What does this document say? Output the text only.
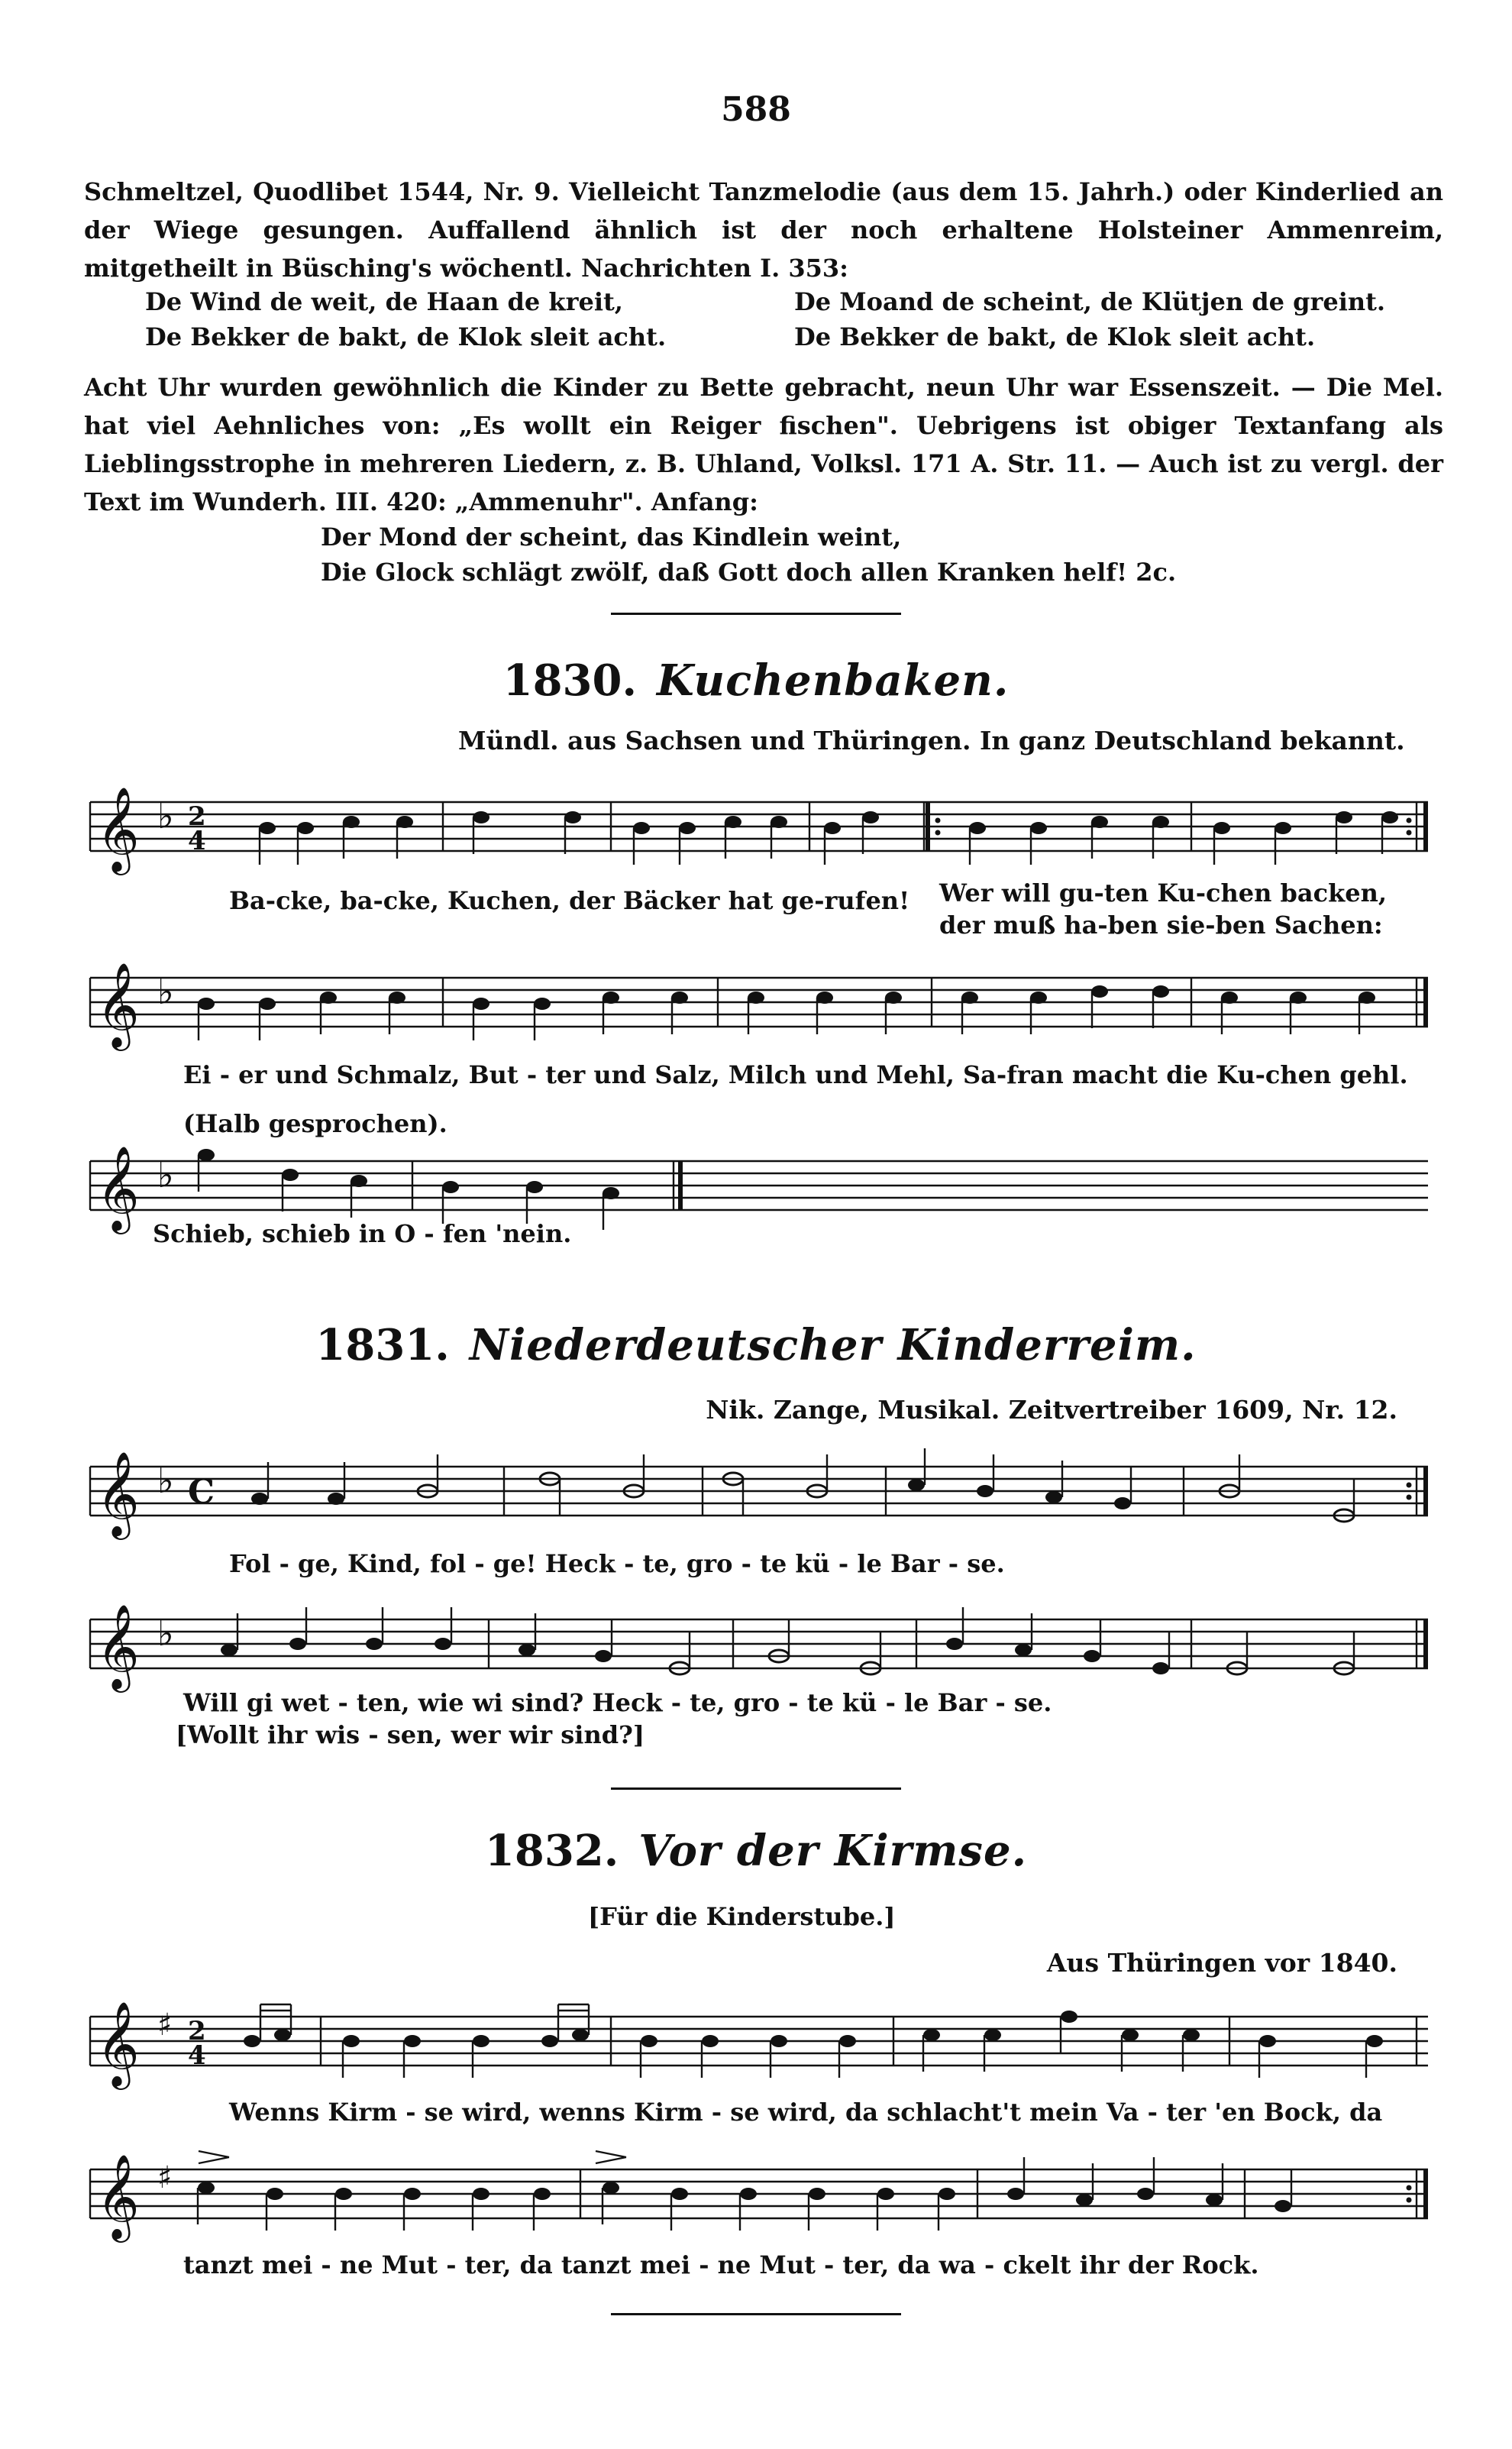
588
Schmeltzel, Quodlibet 1544, Nr. 9. Vielleicht Tanzmelodie (aus dem 15. Jahrh.) oder Kinderlied an der Wiege gesungen. Auffallend ähnlich ist der noch erhaltene Holsteiner Ammenreim, mitgetheilt in Büsching's wöchentl. Nachrichten I. 353:
De Wind de weit, de Haan de kreit,
De Bekker de bakt, de Klok sleit acht.
De Moand de scheint, de Klütjen de greint.
De Bekker de bakt, de Klok sleit acht.
Acht Uhr wurden gewöhnlich die Kinder zu Bette gebracht, neun Uhr war Essenszeit. — Die Mel. hat viel Aehnliches von: „Es wollt ein Reiger fischen". Uebrigens ist obiger Textanfang als Lieblingsstrophe in mehreren Liedern, z. B. Uhland, Volksl. 171 A. Str. 11. — Auch ist zu vergl. der Text im Wunderh. III. 420: „Ammenuhr". Anfang:
Der Mond der scheint, das Kindlein weint,
Die Glock schlägt zwölf, daß Gott doch allen Kranken helf! 2c.
1830. Kuchenbaken.
Mündl. aus Sachsen und Thüringen. In ganz Deutschland bekannt.
𝄞 ♭ 2
4
Ba-cke, ba-cke, Kuchen, der Bäcker hat ge-rufen! Wer will gu-ten Ku-chen backen,
der muß ha-ben sie-ben Sachen:
𝄞 ♭
Ei - er und Schmalz, But - ter und Salz, Milch und Mehl, Sa-fran macht die Ku-chen gehl.
(Halb gesprochen).
𝄞 ♭
Schieb, schieb in O - fen 'nein.
1831. Niederdeutscher Kinderreim.
Nik. Zange, Musikal. Zeitvertreiber 1609, Nr. 12.
𝄞 ♭ C
Fol - ge, Kind, fol - ge! Heck - te, gro - te kü - le Bar - se.
𝄞 ♭
Will gi wet - ten, wie wi sind? Heck - te, gro - te kü - le Bar - se.
[Wollt ihr wis - sen, wer wir sind?]
1832. Vor der Kirmse.
[Für die Kinderstube.]
Aus Thüringen vor 1840.
𝄞 ♯ 2
4
Wenns Kirm - se wird, wenns Kirm - se wird, da schlacht't mein Va - ter 'en Bock, da
𝄞 ♯
tanzt mei - ne Mut - ter, da tanzt mei - ne Mut - ter, da wa - ckelt ihr der Rock.
